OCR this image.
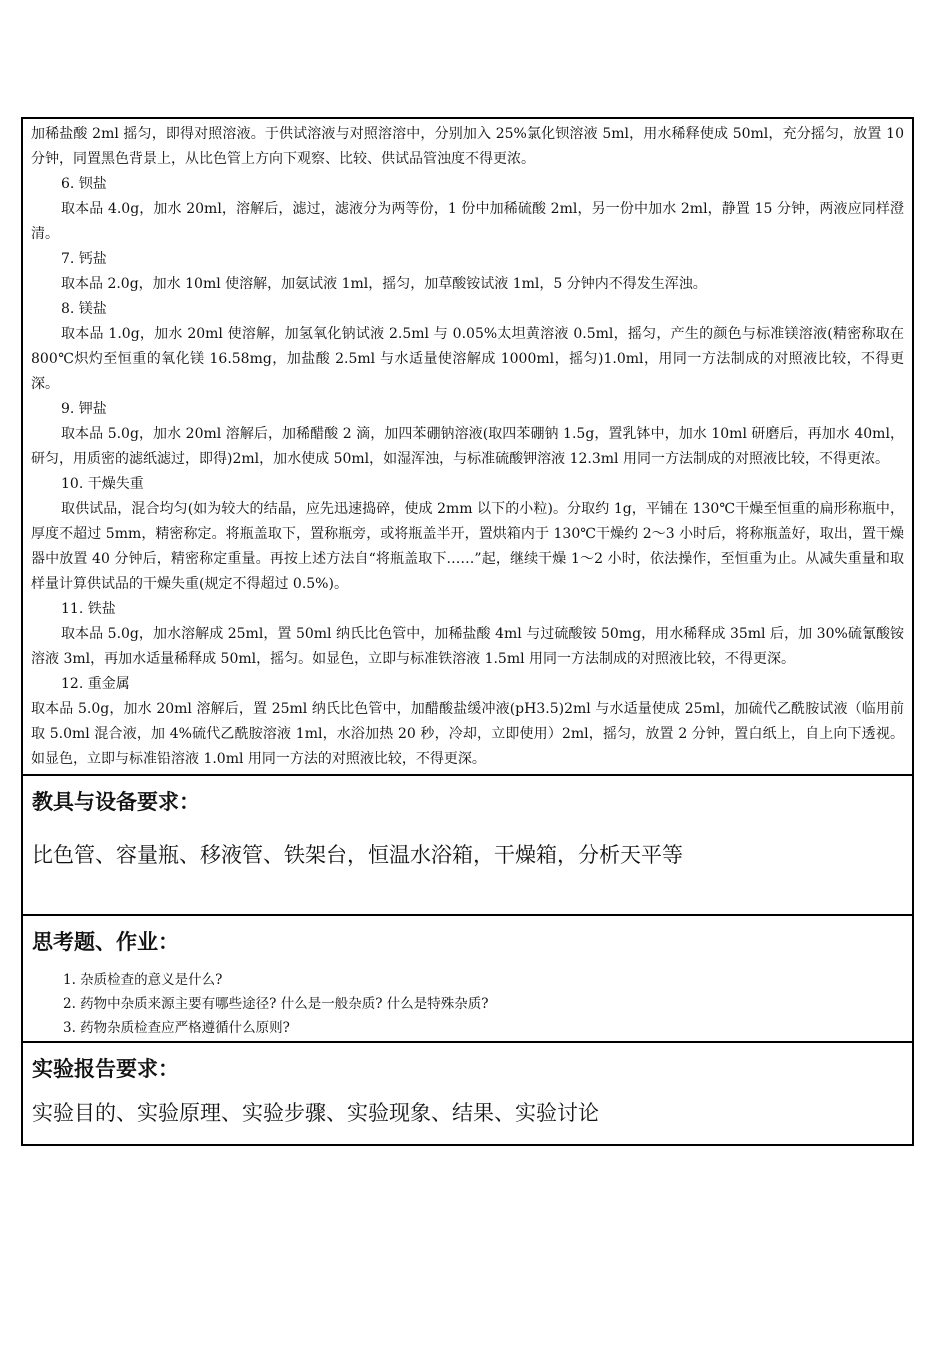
加稀盐酸 2ml 摇匀，即得对照溶液。于供试溶液与对照溶溶中，分别加入 25%氯化钡溶液 5ml，用水稀释使成 50ml，充分摇匀，放置 10 分钟，同置黑色背景上，从比色管上方向下观察、比较、供试品管浊度不得更浓。

6. 钡盐

取本品 4.0g，加水 20ml，溶解后，滤过，滤液分为两等份，1 份中加稀硫酸 2ml，另一份中加水 2ml，静置 15 分钟，两液应同样澄清。

7. 钙盐

取本品 2.0g，加水 10ml 使溶解，加氨试液 1ml，摇匀，加草酸铵试液 1ml，5 分钟内不得发生浑浊。

8. 镁盐

取本品 1.0g，加水 20ml 使溶解，加氢氧化钠试液 2.5ml 与 0.05%太坦黄溶液 0.5ml，摇匀，产生的颜色与标准镁溶液(精密称取在 800℃炽灼至恒重的氧化镁 16.58mg，加盐酸 2.5ml 与水适量使溶解成 1000ml，摇匀)1.0ml，用同一方法制成的对照液比较，不得更深。

9. 钾盐

取本品 5.0g，加水 20ml 溶解后，加稀醋酸 2 滴，加四苯硼钠溶液(取四苯硼钠 1.5g，置乳钵中，加水 10ml 研磨后，再加水 40ml，研匀，用质密的滤纸滤过，即得)2ml，加水使成 50ml，如湿浑浊，与标准硫酸钾溶液 12.3ml 用同一方法制成的对照液比较，不得更浓。

10. 干燥失重

取供试品，混合均匀(如为较大的结晶，应先迅速捣碎，使成 2mm 以下的小粒)。分取约 1g，平铺在 130℃干燥至恒重的扁形称瓶中，厚度不超过 5mm，精密称定。将瓶盖取下，置称瓶旁，或将瓶盖半开，置烘箱内于 130℃干燥约 2～3 小时后，将称瓶盖好，取出，置干燥器中放置 40 分钟后，精密称定重量。再按上述方法自“将瓶盖取下……”起，继续干燥 1～2 小时，依法操作，至恒重为止。从减失重量和取样量计算供试品的干燥失重(规定不得超过 0.5%)。

11. 铁盐

取本品 5.0g，加水溶解成 25ml，置 50ml 纳氏比色管中，加稀盐酸 4ml 与过硫酸铵 50mg，用水稀释成 35ml 后，加 30%硫氰酸铵溶液 3ml，再加水适量稀释成 50ml，摇匀。如显色，立即与标准铁溶液 1.5ml 用同一方法制成的对照液比较，不得更深。

12. 重金属

取本品 5.0g，加水 20ml 溶解后，置 25ml 纳氏比色管中，加醋酸盐缓冲液(pH3.5)2ml 与水适量使成 25ml，加硫代乙酰胺试液（临用前取 5.0ml 混合液，加 4%硫代乙酰胺溶液 1ml，水浴加热 20 秒，冷却，立即使用）2ml，摇匀，放置 2 分钟，置白纸上，自上向下透视。如显色，立即与标准铅溶液 1.0ml 用同一方法的对照液比较，不得更深。

教具与设备要求：
比色管、容量瓶、移液管、铁架台，恒温水浴箱，干燥箱，分析天平等
思考题、作业：
1. 杂质检查的意义是什么?
2. 药物中杂质来源主要有哪些途径? 什么是一般杂质? 什么是特殊杂质?
3. 药物杂质检查应严格遵循什么原则?
实验报告要求：
实验目的、实验原理、实验步骤、实验现象、结果、实验讨论
